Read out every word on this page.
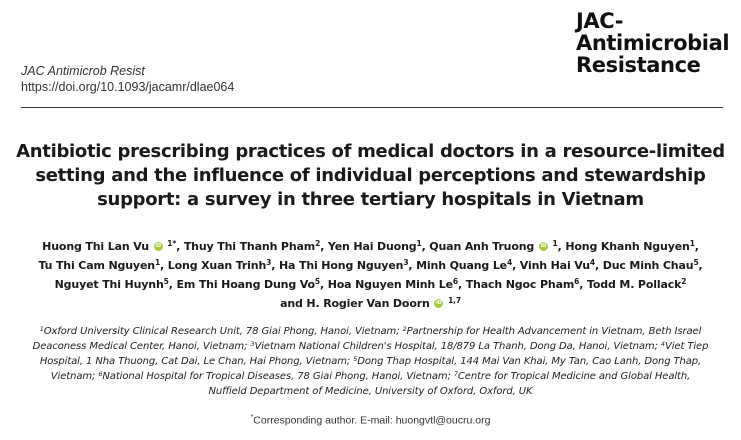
JAC Antimicrob Resist
https://doi.org/10.1093/jacamr/dlae064
JAC-
Antimicrobial
Resistance
Antibiotic prescribing practices of medical doctors in a resource-limited
setting and the influence of individual perceptions and stewardship
support: a survey in three tertiary hospitals in Vietnam
Huong Thi Lan Vu iD $^{1*}$, Thuy Thi Thanh Pham$^2$, Yen Hai Duong$^1$, Quan Anh Truong iD $^1$, Hong Khanh Nguyen$^1$,
Tu Thi Cam Nguyen$^1$, Long Xuan Trinh$^3$, Ha Thi Hong Nguyen$^3$, Minh Quang Le$^4$, Vinh Hai Vu$^4$, Duc Minh Chau$^5$,
Nguyet Thi Huynh$^5$, Em Thi Hoang Dung Vo$^5$, Hoa Nguyen Minh Le$^6$, Thach Ngoc Pham$^6$, Todd M. Pollack$^2$
and H. Rogier Van Doorn iD $^{1,7}$
$^1$Oxford University Clinical Research Unit, 78 Giai Phong, Hanoi, Vietnam; $^2$Partnership for Health Advancement in Vietnam, Beth Israel
Deaconess Medical Center, Hanoi, Vietnam; $^3$Vietnam National Children's Hospital, 18/879 La Thanh, Dong Da, Hanoi, Vietnam; $^4$Viet Tiep
Hospital, 1 Nha Thuong, Cat Dai, Le Chan, Hai Phong, Vietnam; $^5$Dong Thap Hospital, 144 Mai Van Khai, My Tan, Cao Lanh, Dong Thap,
Vietnam; $^6$National Hospital for Tropical Diseases, 78 Giai Phong, Hanoi, Vietnam; $^7$Centre for Tropical Medicine and Global Health,
Nuffield Department of Medicine, University of Oxford, Oxford, UK
*Corresponding author. E-mail: huongvtl@oucru.org
